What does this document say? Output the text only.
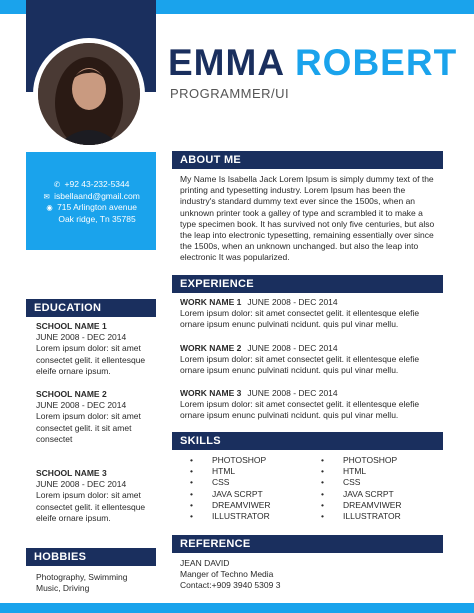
EMMA ROBERT
PROGRAMMER/UI
✆ +92 43-232-5344
✉ isbellaand@gmail.com
◉ 715 Arlington avenue
Oak ridge, Tn 35785
ABOUT ME
My Name Is Isabella Jack Lorem Ipsum is simply dummy text of the printing and typesetting industry. Lorem Ipsum has been the industry's standard dummy text ever since the 1500s, when an unknown printer took a galley of type and scrambled it to make a type specimen book. It has survived not only five centuries, but also the leap into electronic typesetting, remaining essentially over since the 1500s, when an unknown unchanged. but also the leap into electronic It was popularized.
EXPERIENCE
WORK NAME 1 JUNE 2008 - DEC 2014
Lorem ipsum dolor: sit amet consectet gelit. it ellentesque elefie ornare ipsum enunc pulvinati ncidunt. quis pul vinar mellu.
WORK NAME 2 JUNE 2008 - DEC 2014
Lorem ipsum dolor: sit amet consectet gelit. it ellentesque elefie ornare ipsum enunc pulvinati ncidunt. quis pul vinar mellu.
WORK NAME 3 JUNE 2008 - DEC 2014
Lorem ipsum dolor: sit amet consectet gelit. it ellentesque elefie ornare ipsum enunc pulvinati ncidunt. quis pul vinar mellu.
EDUCATION
SCHOOL NAME 1
JUNE 2008 - DEC 2014
Lorem ipsum dolor: sit amet
consectet gelit. it ellentesque
eleife ornare ipsum.
SCHOOL NAME 2
JUNE 2008 - DEC 2014
Lorem ipsum dolor: sit amet
consectet gelit. it sit amet
consectet
SCHOOL NAME 3
JUNE 2008 - DEC 2014
Lorem ipsum dolor: sit amet
consectet gelit. it ellentesque
eleife ornare ipsum.
SKILLS
•	PHOTOSHOP
•	HTML
•	CSS
•	JAVA SCRPT
•	DREAMVIWER
•	ILLUSTRATOR
•	PHOTOSHOP
•	HTML
•	CSS
•	JAVA SCRPT
•	DREAMVIWER
•	ILLUSTRATOR
REFERENCE
JEAN DAVID
Manger of Techno Media
Contact:+909 3940 5309 3
HOBBIES
Photography, Swimming
Music, Driving
